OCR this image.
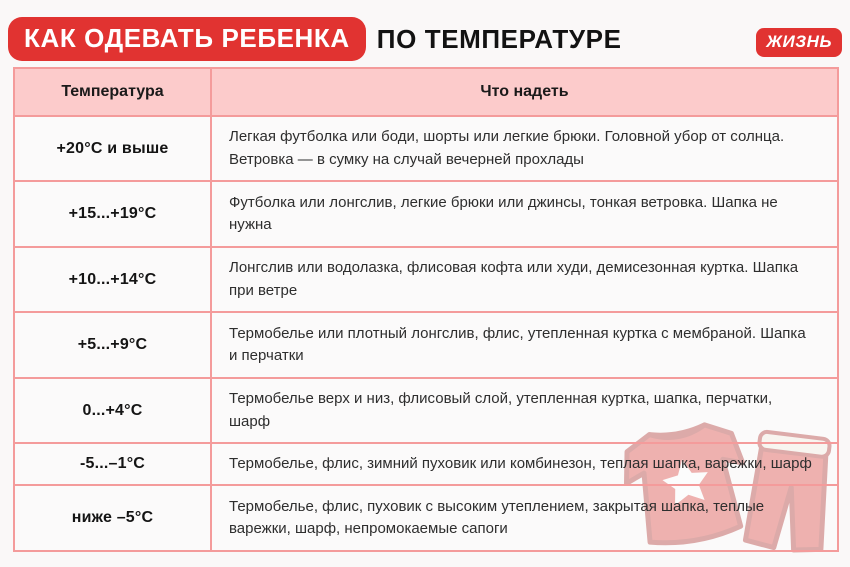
КАК ОДЕВАТЬ РЕБЕНКА	ПО ТЕМПЕРАТУРЕ	ЖИЗНЬ
Температура	Что надеть
+20°C и выше	Легкая футболка или боди, шорты или легкие брюки. Головной убор от солнца. Ветровка — в сумку на случай вечерней прохлады
+15...+19°C	Футболка или лонгслив, легкие брюки или джинсы, тонкая ветровка. Шапка не нужна
+10...+14°C	Лонгслив или водолазка, флисовая кофта или худи, демисезонная куртка. Шапка при ветре
+5...+9°C	Термобелье или плотный лонгслив, флис, утепленная куртка с мембраной. Шапка и перчатки
0...+4°C	Термобелье верх и низ, флисовый слой, утепленная куртка, шапка, перчатки, шарф
-5...–1°C	Термобелье, флис, зимний пуховик или комбинезон, теплая шапка, варежки, шарф
ниже –5°C	Термобелье, флис, пуховик с высоким утеплением, закрытая шапка, теплые варежки, шарф, непромокаемые сапоги
